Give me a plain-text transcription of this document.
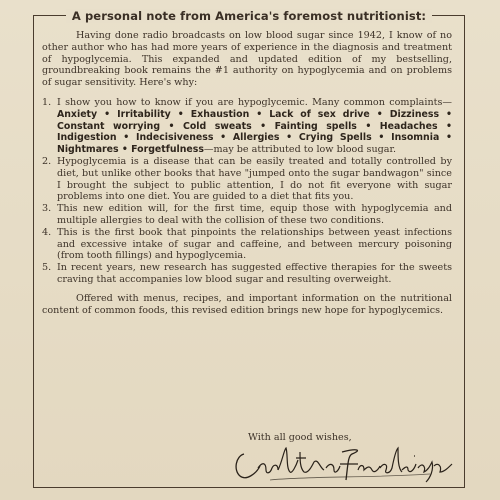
A personal note from America's foremost nutritionist:

Having done radio broadcasts on low blood sugar since 1942, I know of no other author who has had more years of experience in the diagnosis and treatment of hypoglycemia. This expanded and updated edition of my bestselling, groundbreaking book remains the #1 authority on hypoglycemia and on problems of sugar sensitivity. Here's why:

1. I show you how to know if you are hypoglycemic. Many common complaints—Anxiety • Irritability • Exhaustion • Lack of sex drive • Dizziness • Constant worrying • Cold sweats • Fainting spells • Headaches • Indigestion • Indecisiveness • Allergies • Crying Spells • Insomnia • Nightmares • Forgetfulness—may be attributed to low blood sugar.
2. Hypoglycemia is a disease that can be easily treated and totally controlled by diet, but unlike other books that have "jumped onto the sugar bandwagon" since I brought the subject to public attention, I do not fit everyone with sugar problems into one diet. You are guided to a diet that fits you.
3. This new edition will, for the first time, equip those with hypoglycemia and multiple allergies to deal with the collision of these two conditions.
4. This is the first book that pinpoints the relationships between yeast infections and excessive intake of sugar and caffeine, and between mercury poisoning (from tooth fillings) and hypoglycemia.
5. In recent years, new research has suggested effective therapies for the sweets craving that accompanies low blood sugar and resulting overweight.

Offered with menus, recipes, and important information on the nutritional content of common foods, this revised edition brings new hope for hypoglycemics.

With all good wishes,
